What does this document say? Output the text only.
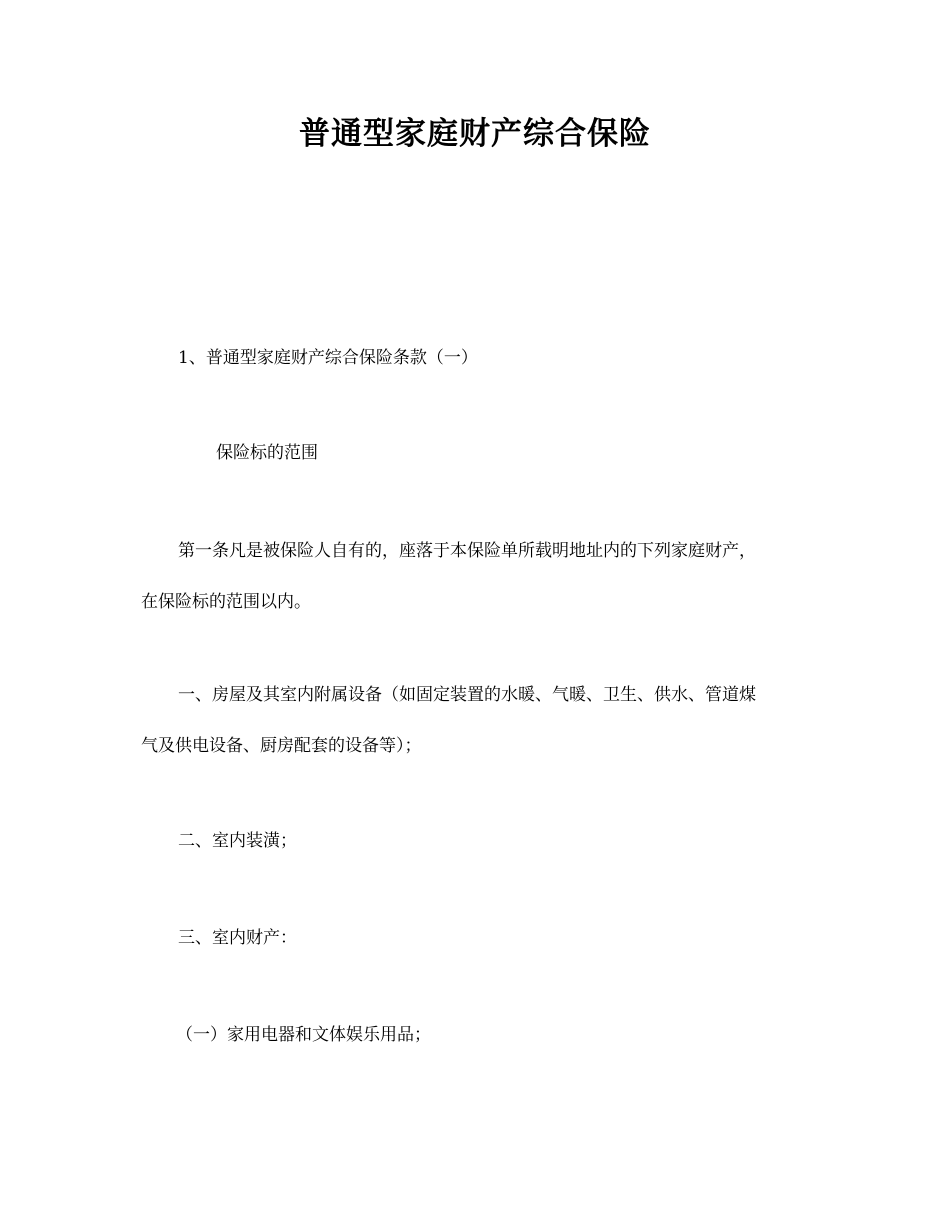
普通型家庭财产综合保险
1、普通型家庭财产综合保险条款（一）
保险标的范围
第一条凡是被保险人自有的，座落于本保险单所载明地址内的下列家庭财产，
在保险标的范围以内。
一、房屋及其室内附属设备（如固定装置的水暖、气暖、卫生、供水、管道煤
气及供电设备、厨房配套的设备等）；
二、室内装潢；
三、室内财产：
（一）家用电器和文体娱乐用品；
